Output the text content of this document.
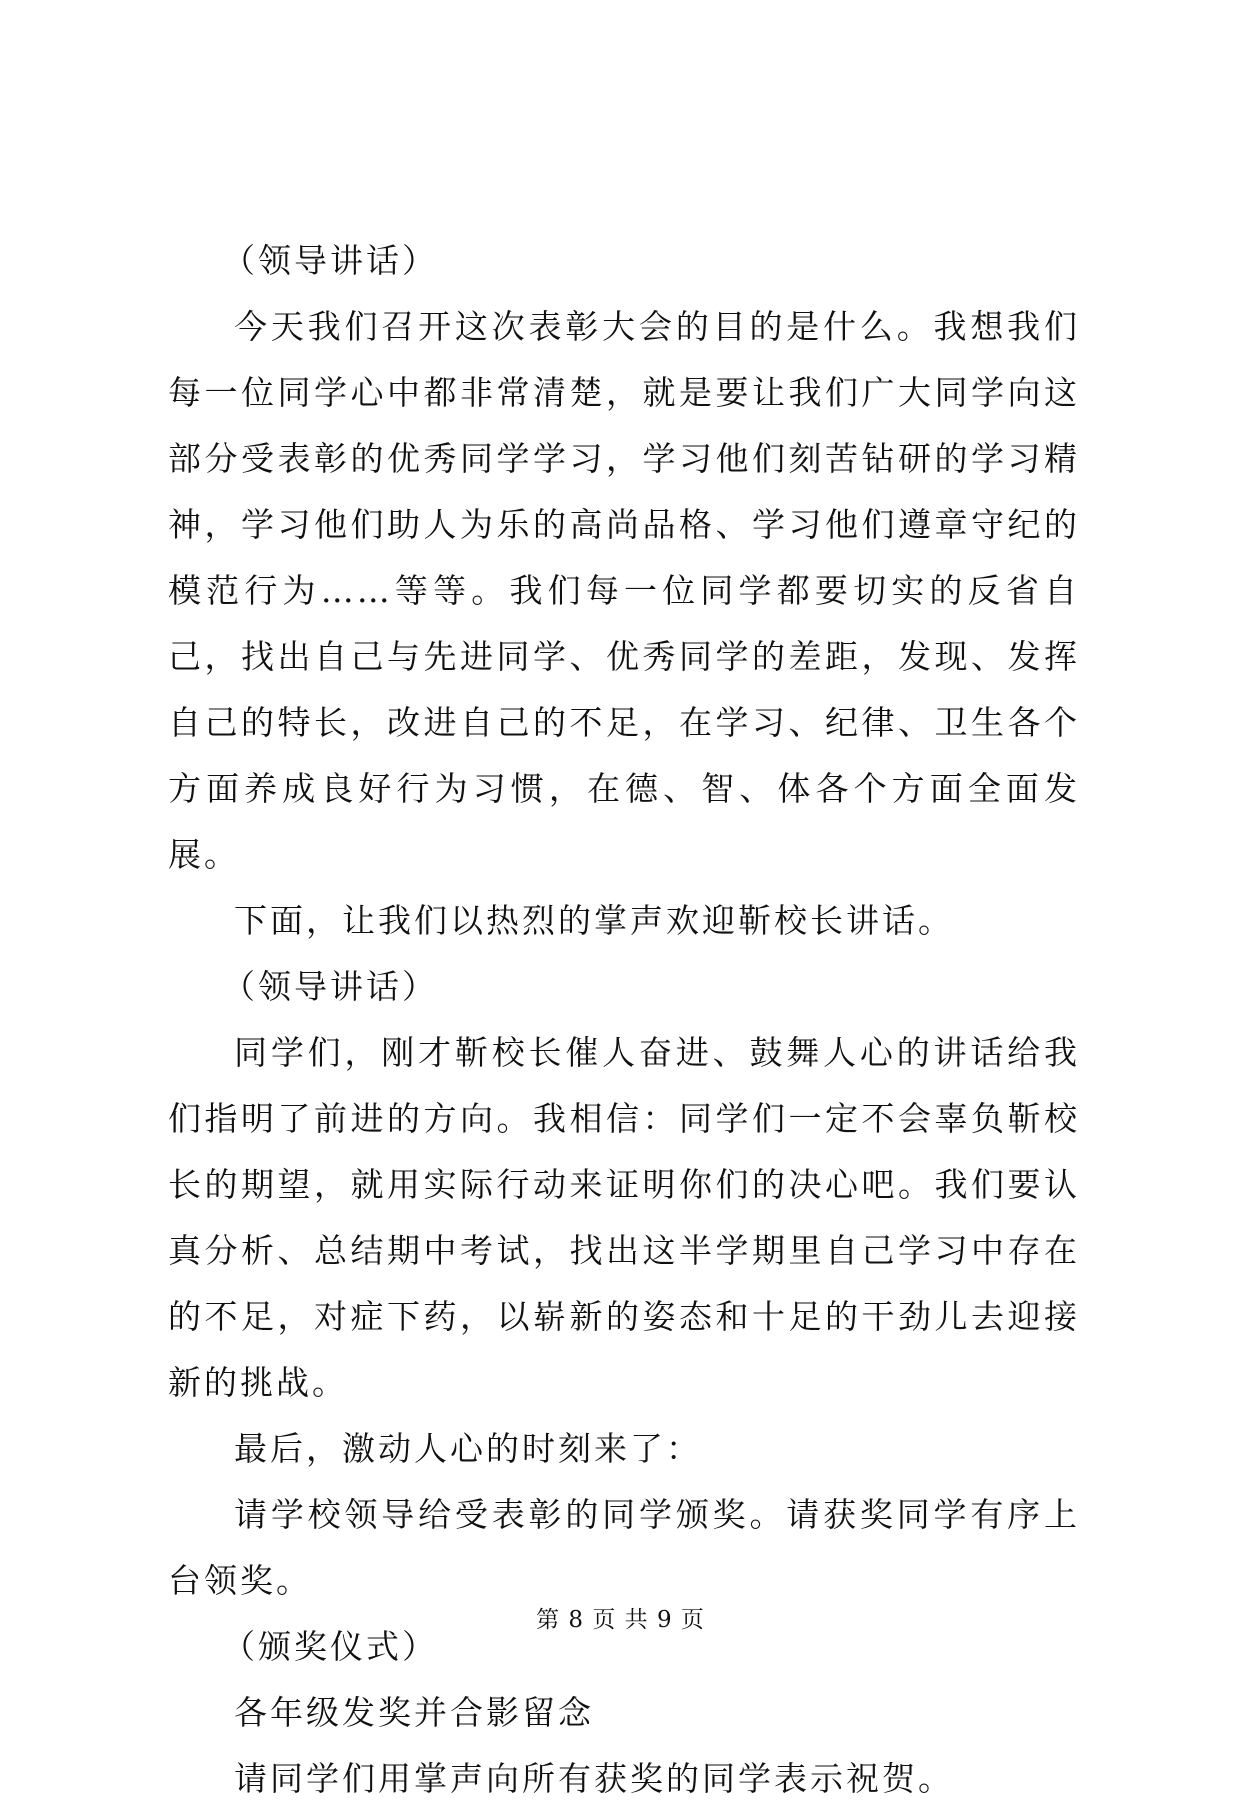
（领导讲话）

今天我们召开这次表彰大会的目的是什么。我想我们每一位同学心中都非常清楚，就是要让我们广大同学向这部分受表彰的优秀同学学习，学习他们刻苦钻研的学习精神，学习他们助人为乐的高尚品格、学习他们遵章守纪的模范行为……等等。我们每一位同学都要切实的反省自己，找出自己与先进同学、优秀同学的差距，发现、发挥自己的特长，改进自己的不足，在学习、纪律、卫生各个方面养成良好行为习惯，在德、智、体各个方面全面发展。

下面，让我们以热烈的掌声欢迎靳校长讲话。

（领导讲话）

同学们，刚才靳校长催人奋进、鼓舞人心的讲话给我们指明了前进的方向。我相信：同学们一定不会辜负靳校长的期望，就用实际行动来证明你们的决心吧。我们要认真分析、总结期中考试，找出这半学期里自己学习中存在的不足，对症下药，以崭新的姿态和十足的干劲儿去迎接新的挑战。

最后，激动人心的时刻来了：

请学校领导给受表彰的同学颁奖。请获奖同学有序上台领奖。

（颁奖仪式）

各年级发奖并合影留念

请同学们用掌声向所有获奖的同学表示祝贺。

第 8 页 共 9 页
